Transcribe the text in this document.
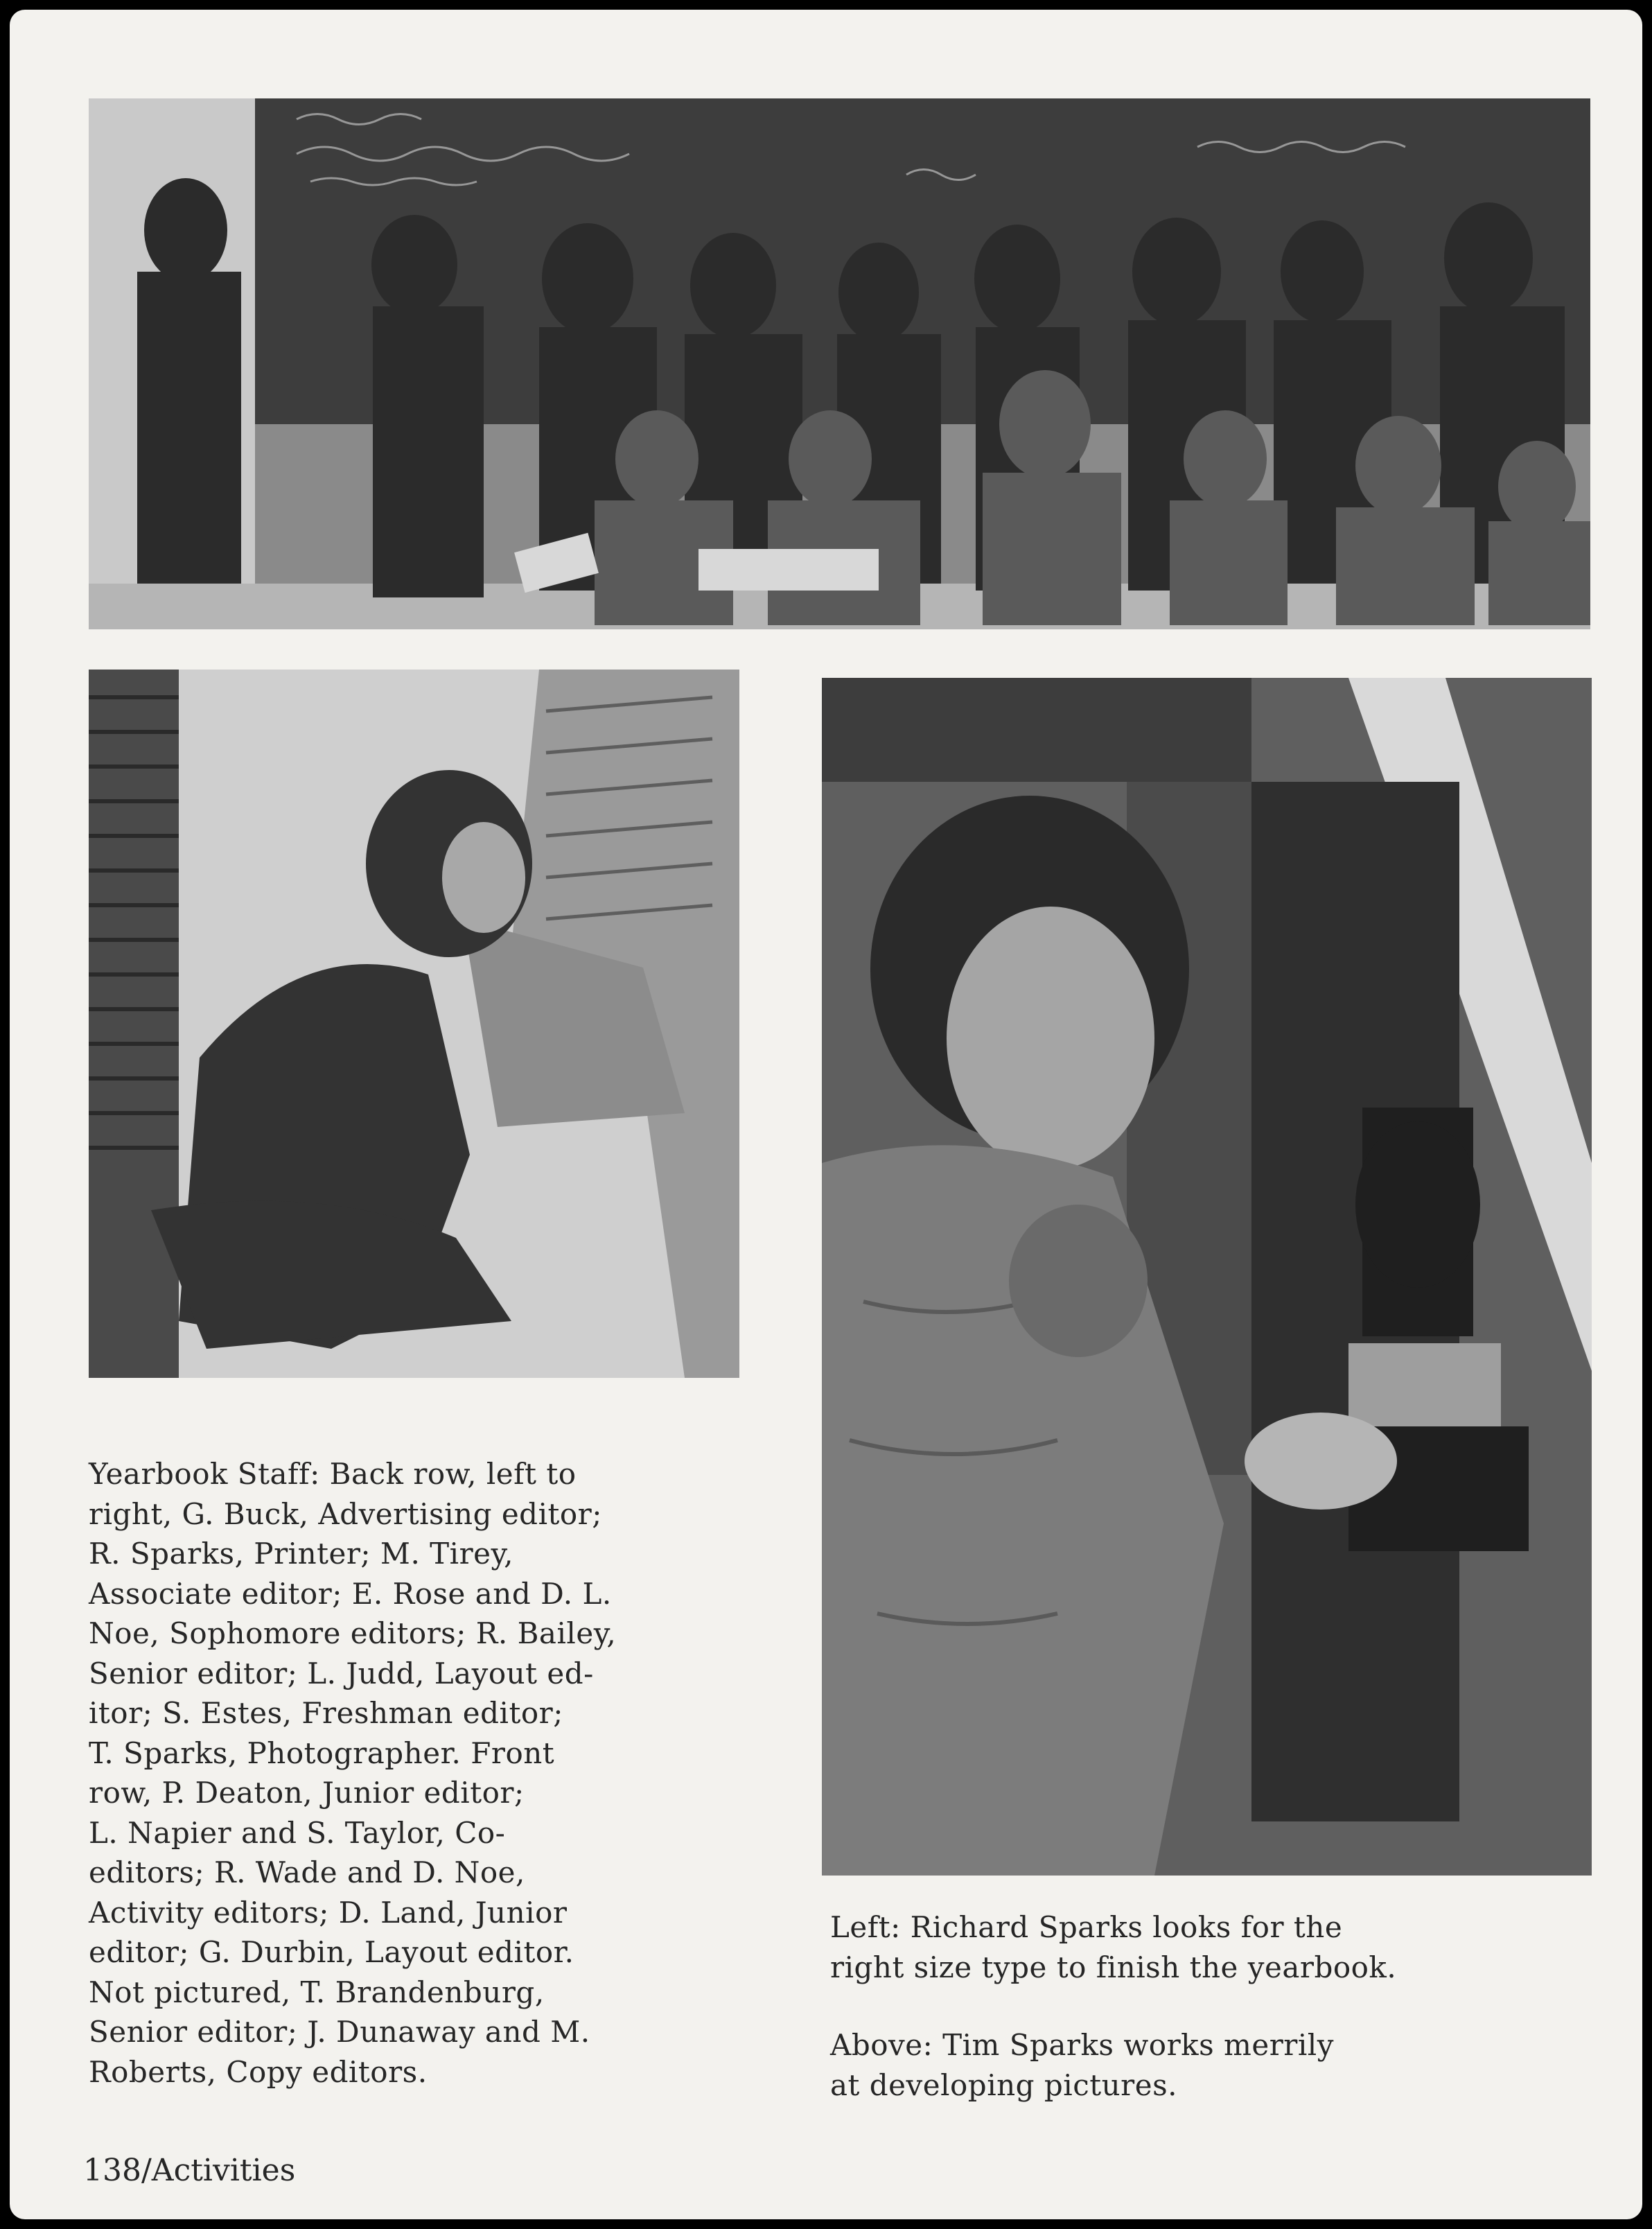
Yearbook Staff: Back row, left to
right, G. Buck, Advertising editor;
R. Sparks, Printer; M. Tirey,
Associate editor; E. Rose and D. L.
Noe, Sophomore editors; R. Bailey,
Senior editor; L. Judd, Layout ed-
itor; S. Estes, Freshman editor;
T. Sparks, Photographer. Front
row, P. Deaton, Junior editor;
L. Napier and S. Taylor, Co-
editors; R. Wade and D. Noe,
Activity editors; D. Land, Junior
editor; G. Durbin, Layout editor.
Not pictured, T. Brandenburg,
Senior editor; J. Dunaway and M.
Roberts, Copy editors.

Left: Richard Sparks looks for the
right size type to finish the yearbook.

Above: Tim Sparks works merrily
at developing pictures.

138/Activities
